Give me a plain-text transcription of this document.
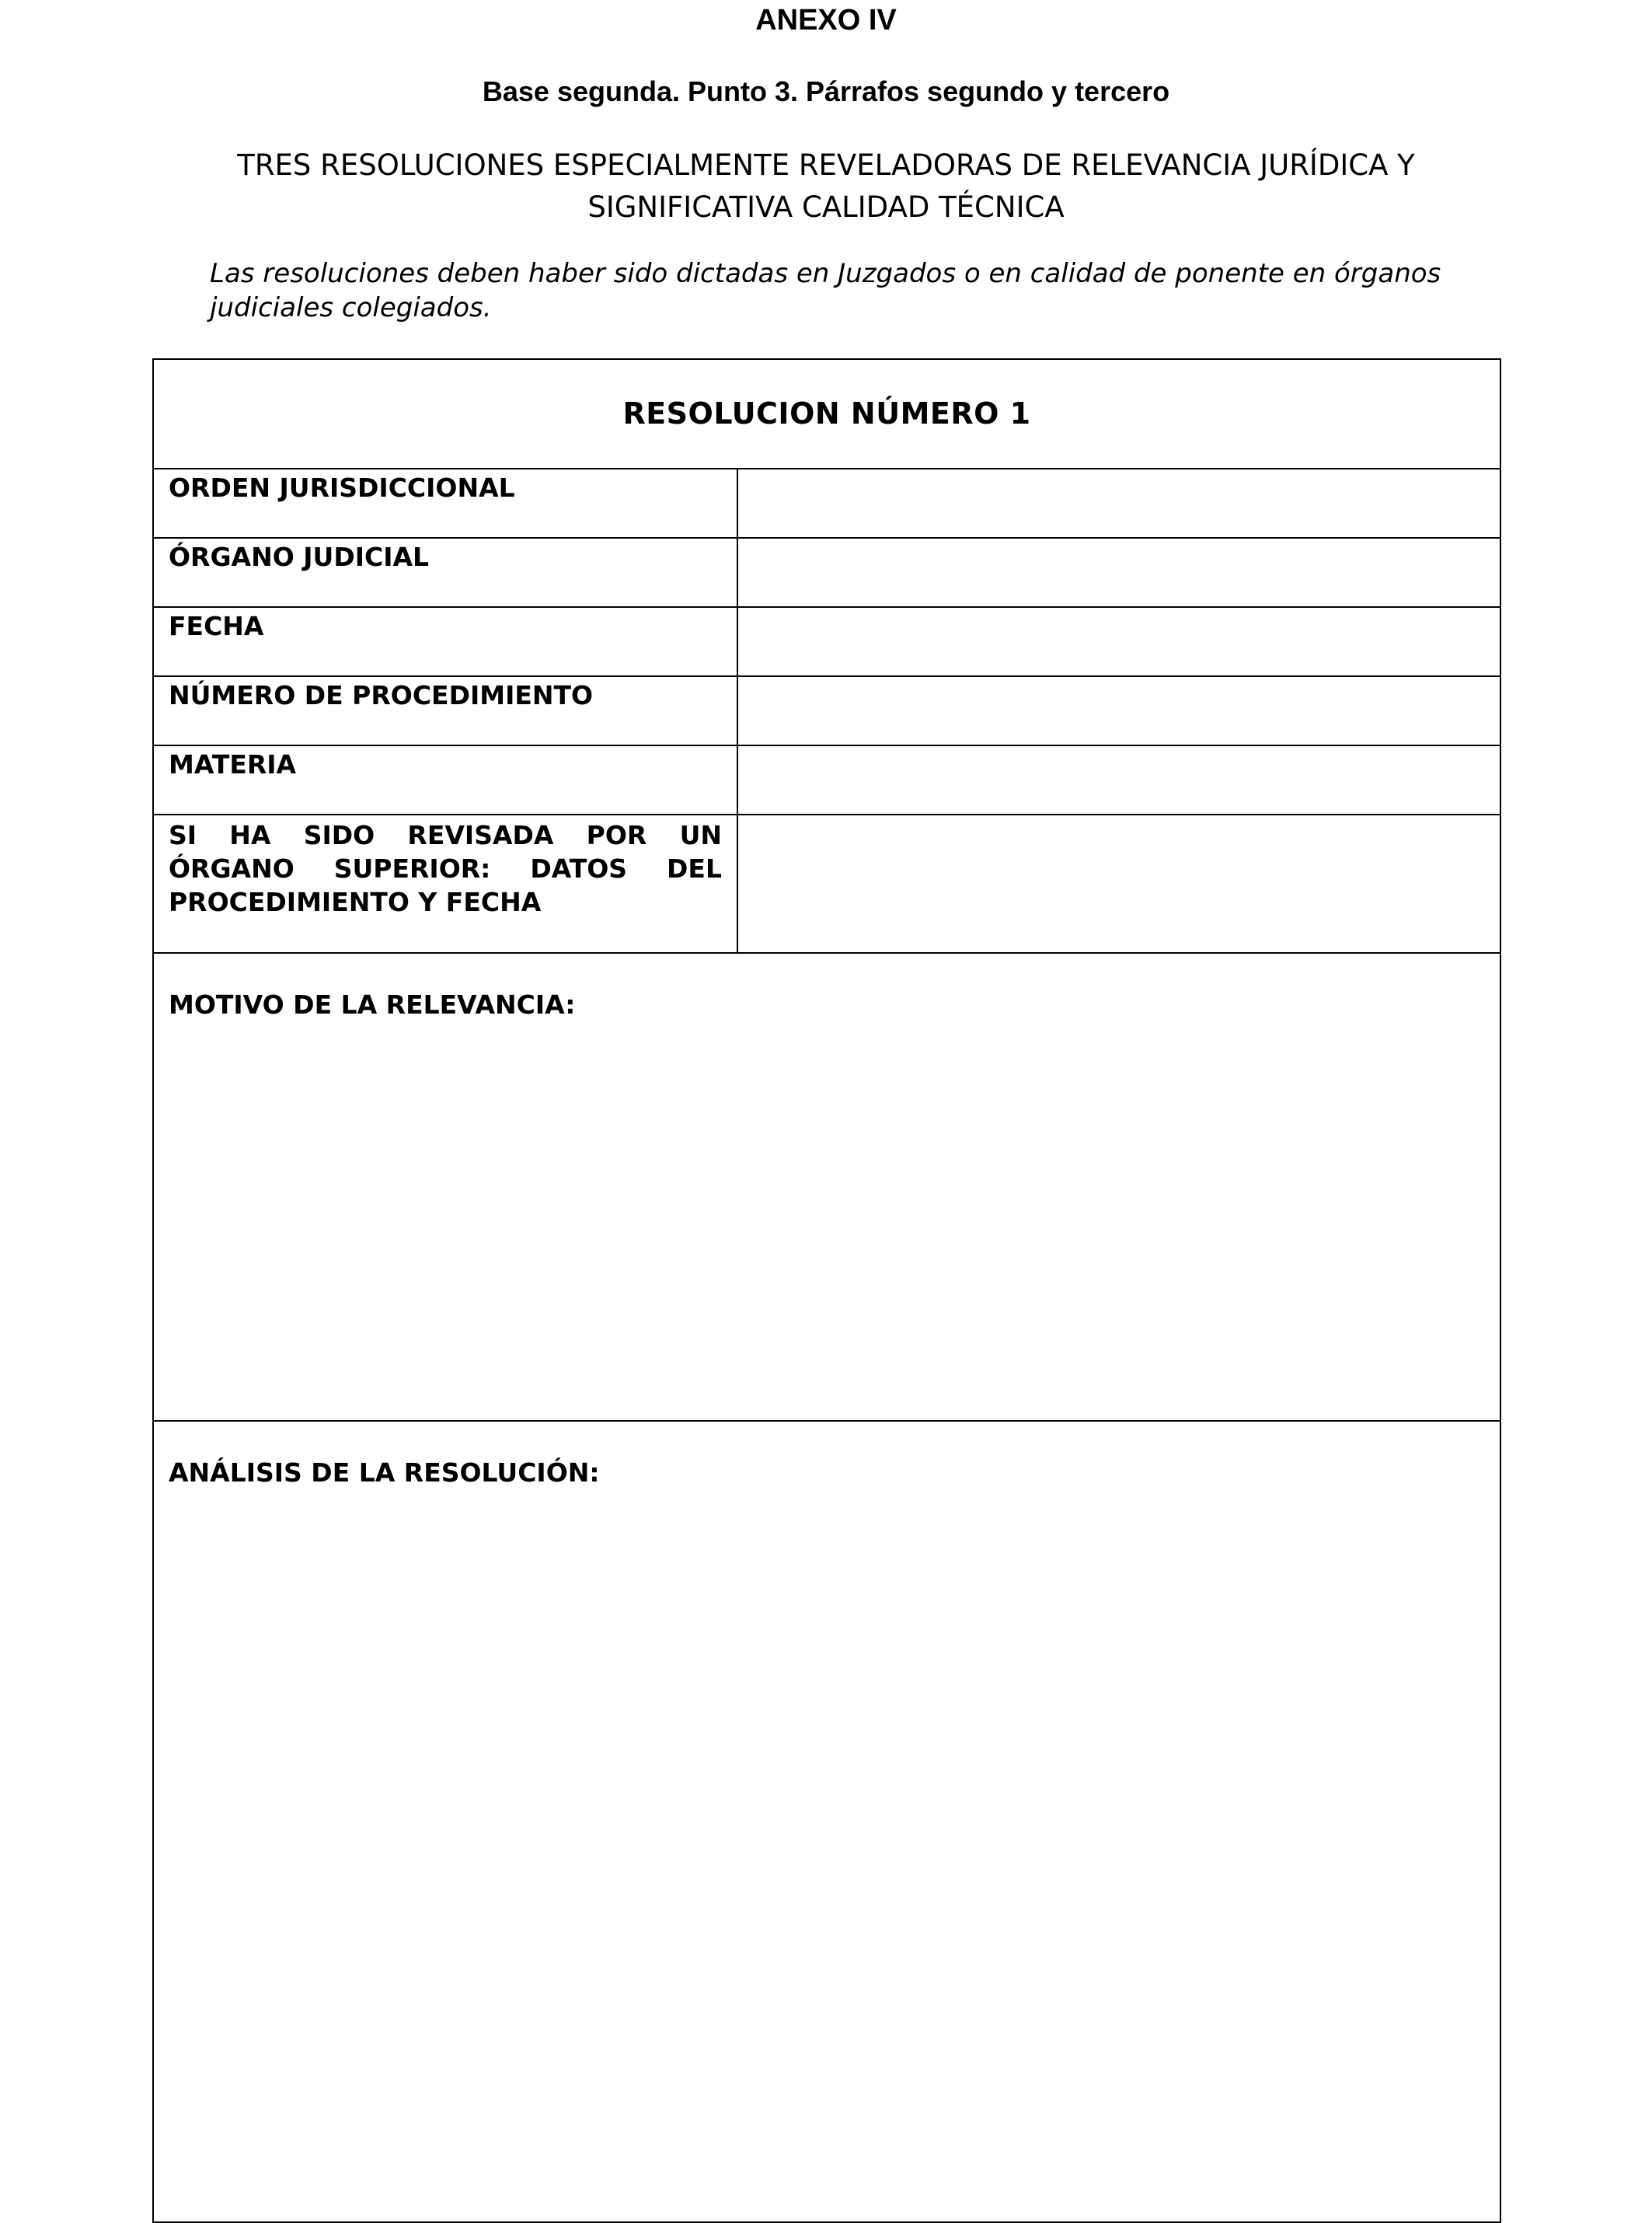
ANEXO IV
Base segunda. Punto 3. Párrafos segundo y tercero
TRES RESOLUCIONES ESPECIALMENTE REVELADORAS DE RELEVANCIA JURÍDICA Y SIGNIFICATIVA CALIDAD TÉCNICA
Las resoluciones deben haber sido dictadas en Juzgados o en calidad de ponente en órganos judiciales colegiados.
RESOLUCION NÚMERO 1	
ORDEN JURISDICCIONAL	
ÓRGANO JUDICIAL	
FECHA	
NÚMERO DE PROCEDIMIENTO	
MATERIA	
SI HA SIDO REVISADA POR UN ÓRGANO SUPERIOR: DATOS DEL PROCEDIMIENTO Y FECHA	
MOTIVO DE LA RELEVANCIA:	
ANÁLISIS DE LA RESOLUCIÓN:	
